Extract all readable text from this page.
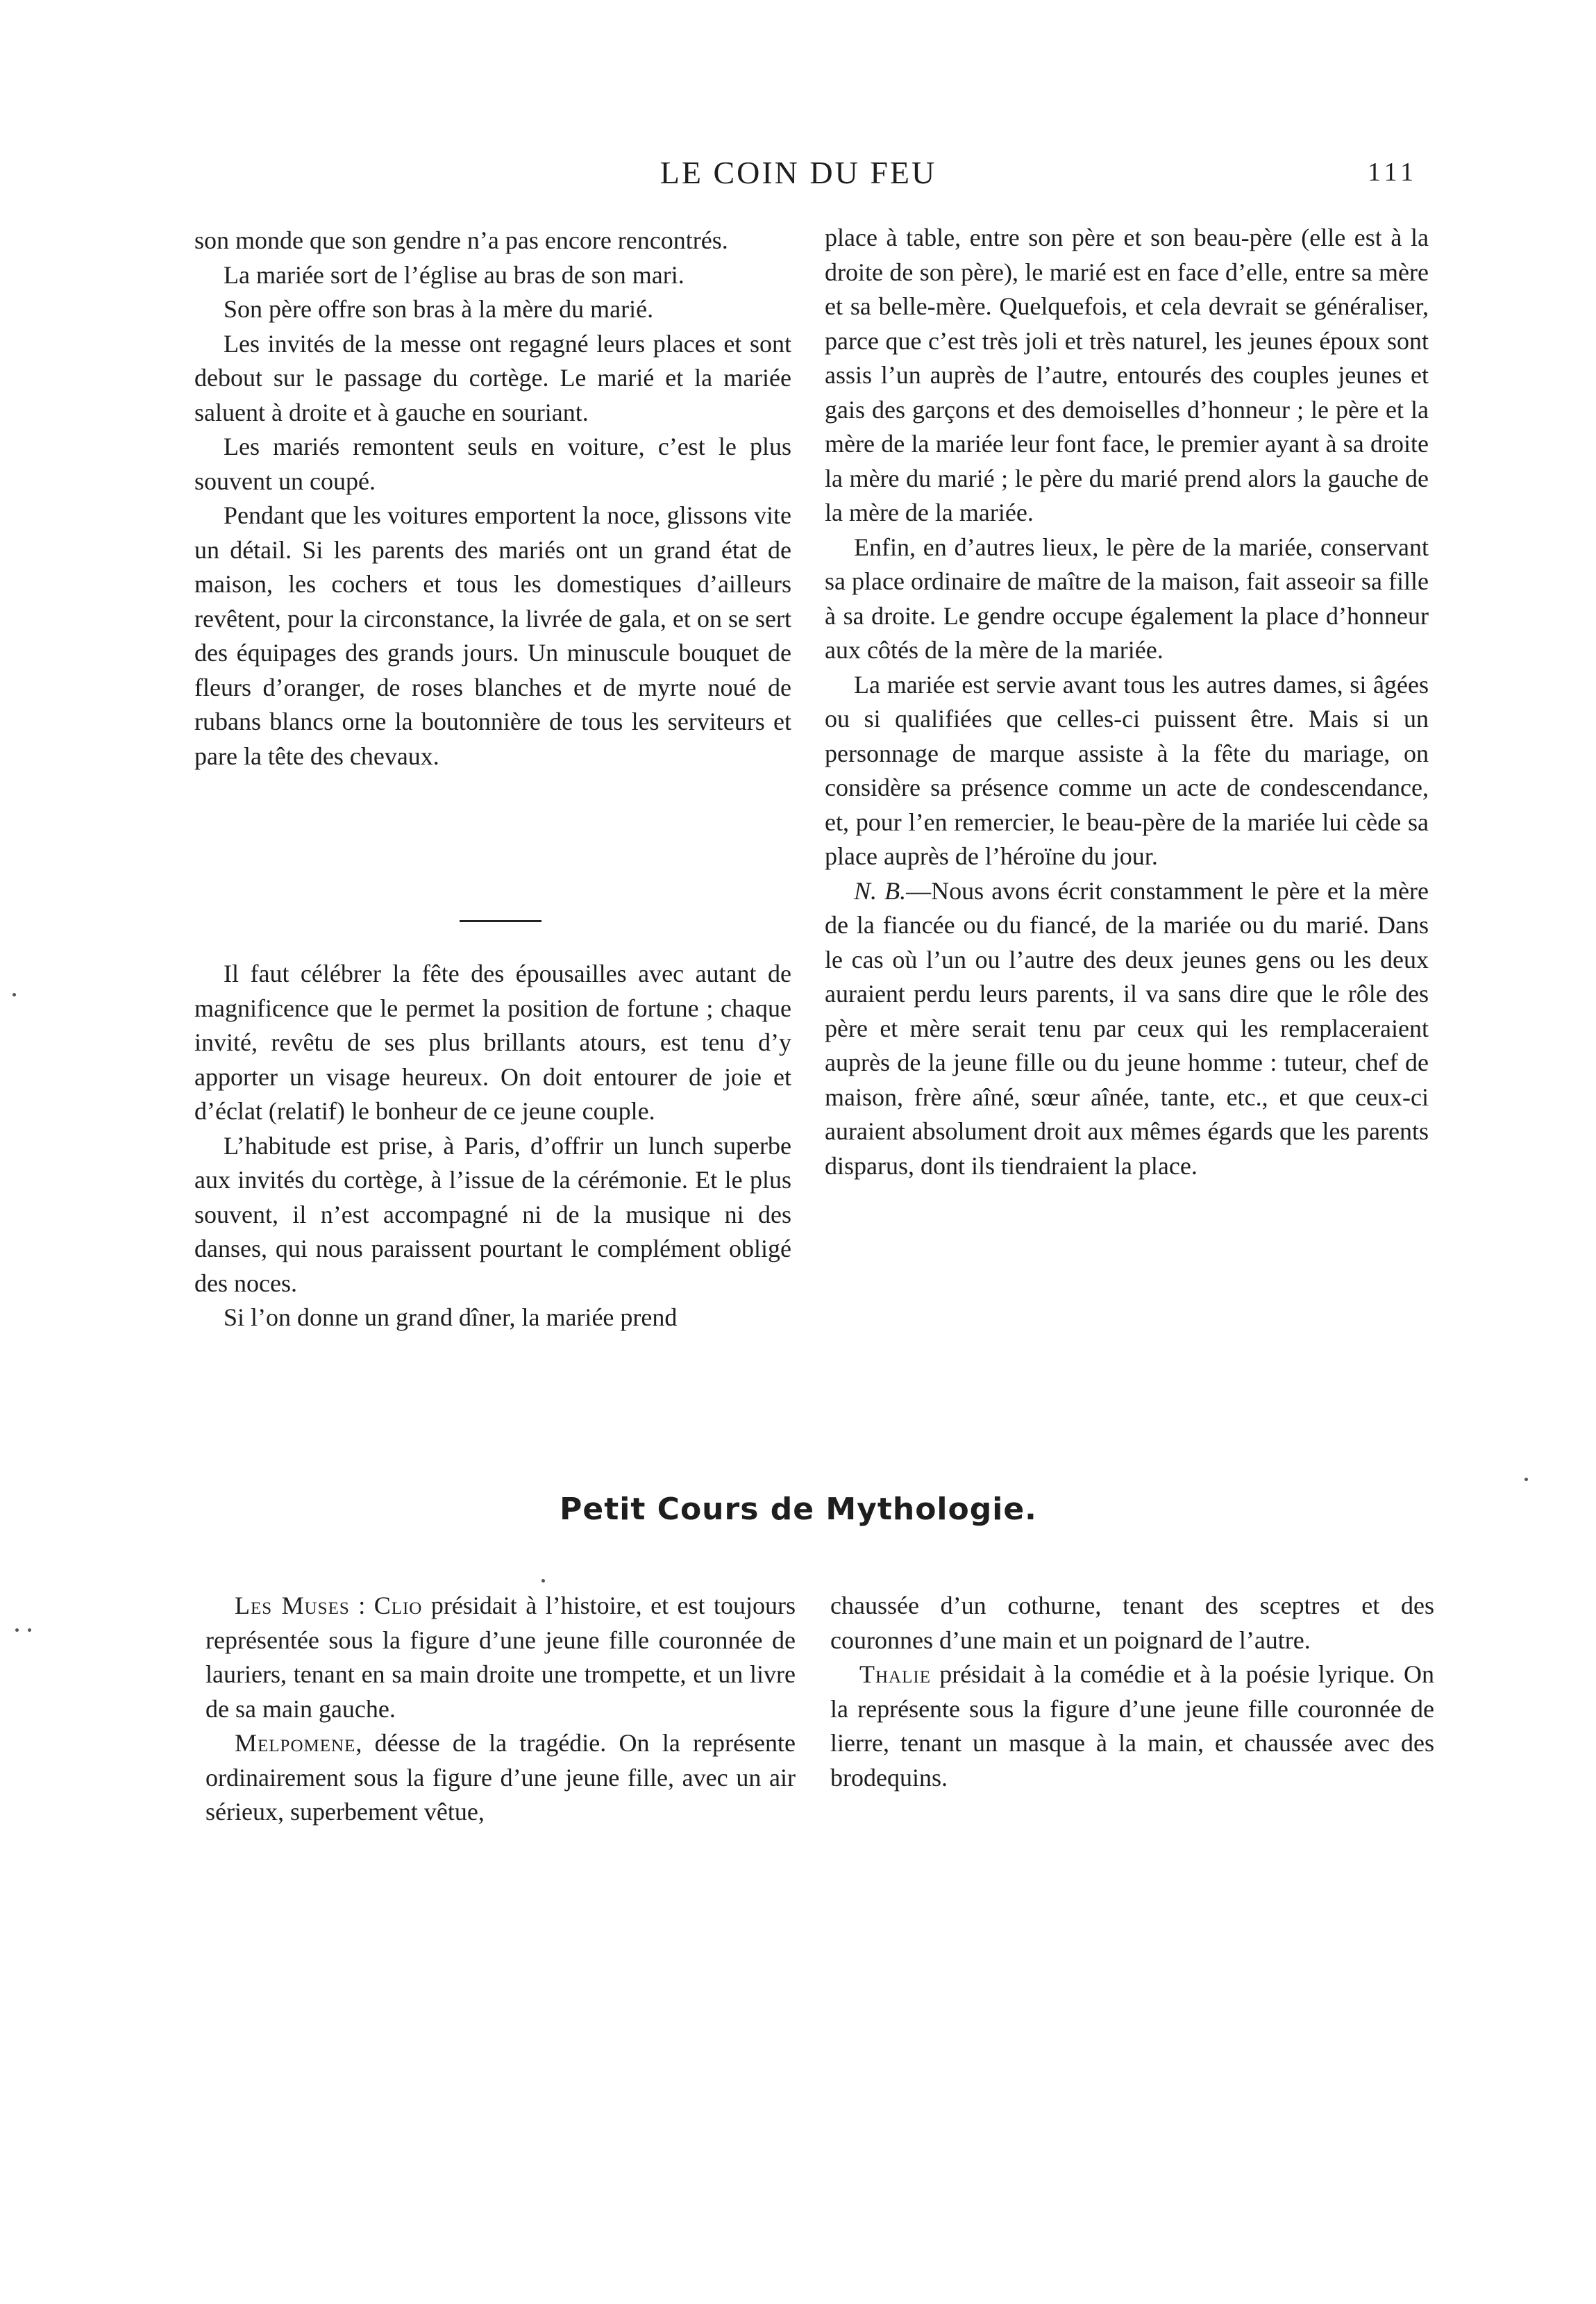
LE COIN DU FEU	111

son monde que son gendre n’a pas encore rencontrés.

La mariée sort de l’église au bras de son mari.

Son père offre son bras à la mère du marié.

Les invités de la messe ont regagné leurs places et sont debout sur le passage du cortège. Le marié et la mariée saluent à droite et à gauche en souriant.

Les mariés remontent seuls en voiture, c’est le plus souvent un coupé.

Pendant que les voitures emportent la noce, glissons vite un détail. Si les parents des mariés ont un grand état de maison, les cochers et tous les domestiques d’ailleurs revêtent, pour la circonstance, la livrée de gala, et on se sert des équipages des grands jours. Un minuscule bouquet de fleurs d’oranger, de roses blanches et de myrte noué de rubans blancs orne la boutonnière de tous les serviteurs et pare la tête des chevaux.

Il faut célébrer la fête des épousailles avec autant de magnificence que le permet la position de fortune ; chaque invité, revêtu de ses plus brillants atours, est tenu d’y apporter un visage heureux. On doit entourer de joie et d’éclat (relatif) le bonheur de ce jeune couple.

L’habitude est prise, à Paris, d’offrir un lunch superbe aux invités du cortège, à l’issue de la cérémonie. Et le plus souvent, il n’est accompagné ni de la musique ni des danses, qui nous paraissent pourtant le complément obligé des noces.

Si l’on donne un grand dîner, la mariée prend

place à table, entre son père et son beau-père (elle est à la droite de son père), le marié est en face d’elle, entre sa mère et sa belle-mère. Quelquefois, et cela devrait se généraliser, parce que c’est très joli et très naturel, les jeunes époux sont assis l’un auprès de l’autre, entourés des couples jeunes et gais des garçons et des demoiselles d’honneur ; le père et la mère de la mariée leur font face, le premier ayant à sa droite la mère du marié ; le père du marié prend alors la gauche de la mère de la mariée.

Enfin, en d’autres lieux, le père de la mariée, conservant sa place ordinaire de maître de la maison, fait asseoir sa fille à sa droite. Le gendre occupe également la place d’honneur aux côtés de la mère de la mariée.

La mariée est servie avant tous les autres dames, si âgées ou si qualifiées que celles-ci puissent être. Mais si un personnage de marque assiste à la fête du mariage, on considère sa présence comme un acte de condescendance, et, pour l’en remercier, le beau-père de la mariée lui cède sa place auprès de l’héroïne du jour.

N. B.—Nous avons écrit constamment le père et la mère de la fiancée ou du fiancé, de la mariée ou du marié. Dans le cas où l’un ou l’autre des deux jeunes gens ou les deux auraient perdu leurs parents, il va sans dire que le rôle des père et mère serait tenu par ceux qui les remplaceraient auprès de la jeune fille ou du jeune homme : tuteur, chef de maison, frère aîné, sœur aînée, tante, etc., et que ceux-ci auraient absolument droit aux mêmes égards que les parents disparus, dont ils tiendraient la place.

Petit Cours de Mythologie.

Les Muses : Clio présidait à l’histoire, et est toujours représentée sous la figure d’une jeune fille couronnée de lauriers, tenant en sa main droite une trompette, et un livre de sa main gauche.

Melpomene, déesse de la tragédie. On la représente ordinairement sous la figure d’une jeune fille, avec un air sérieux, superbement vêtue,

chaussée d’un cothurne, tenant des sceptres et des couronnes d’une main et un poignard de l’autre.

Thalie présidait à la comédie et à la poésie lyrique. On la représente sous la figure d’une jeune fille couronnée de lierre, tenant un masque à la main, et chaussée avec des brodequins.
